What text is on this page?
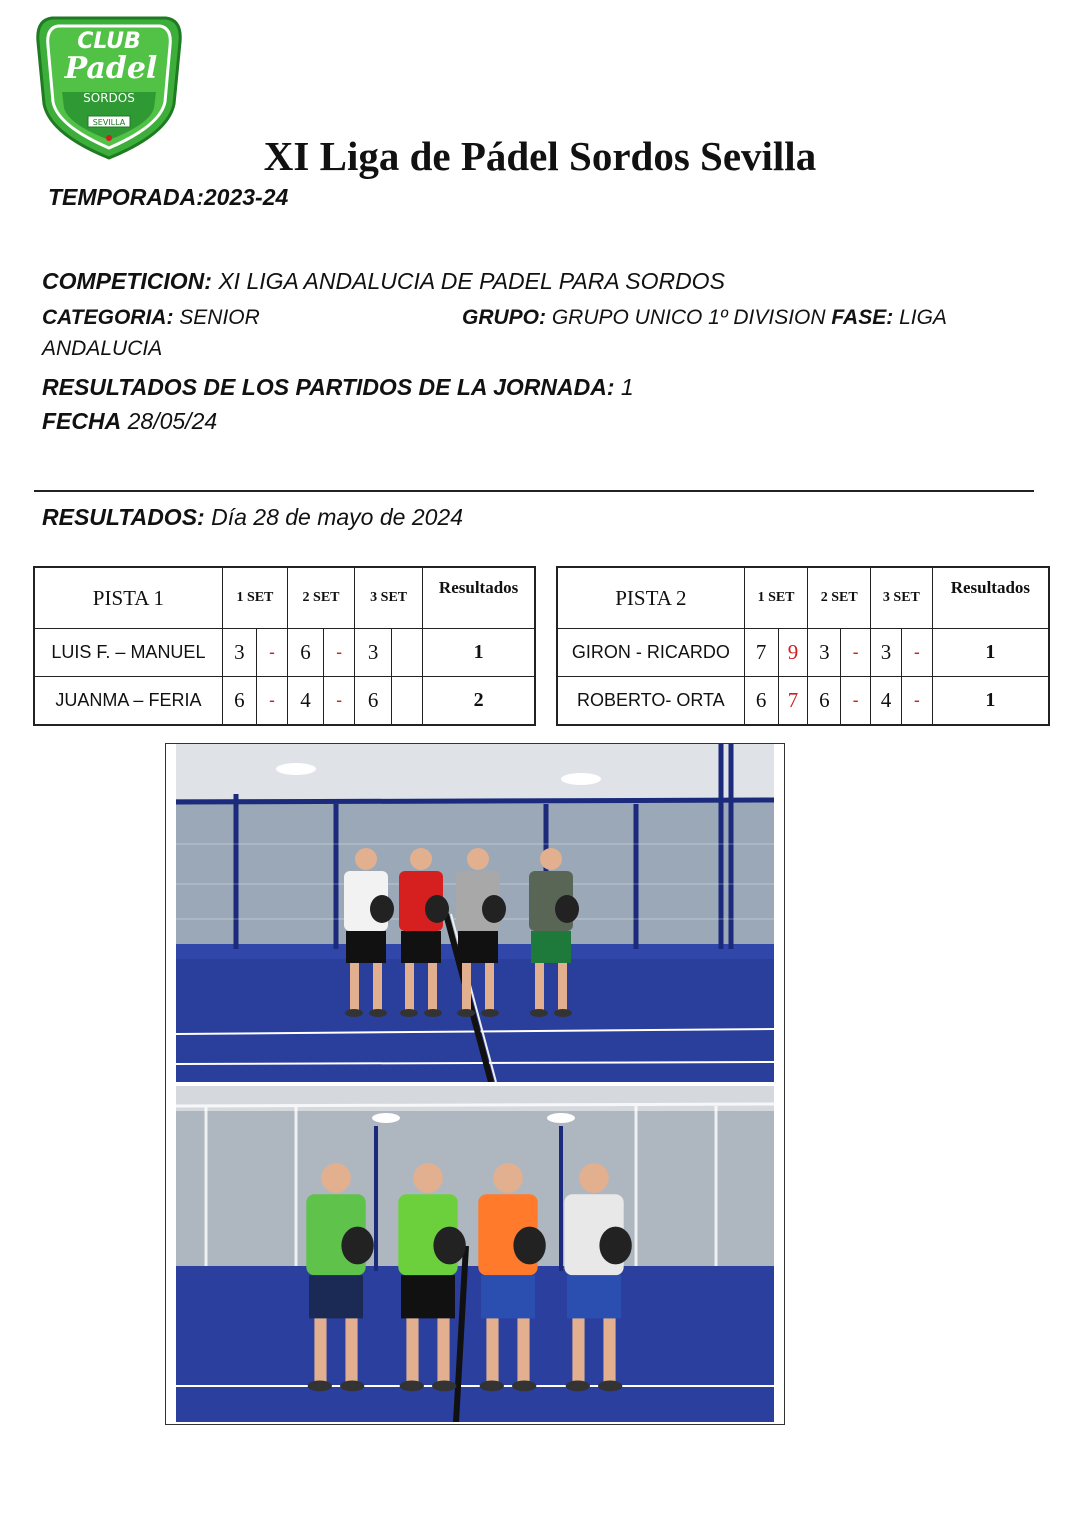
CLUB
Padel
SORDOS
SEVILLA
XI Liga de Pádel Sordos Sevilla
TEMPORADA:2023-24
COMPETICION: XI LIGA ANDALUCIA DE PADEL PARA SORDOS
CATEGORIA: SENIOR	GRUPO: GRUPO UNICO 1º DIVISION FASE: LIGA
ANDALUCIA
RESULTADOS DE LOS PARTIDOS DE LA JORNADA: 1
FECHA 28/05/24
RESULTADOS: Día 28 de mayo de 2024
PISTA 1	1 SET		2 SET		3 SET		Resultados
LUIS F. – MANUEL	3	-	6	-	3		1
JUANMA – FERIA	6	-	4	-	6		2
PISTA 2	1 SET		2 SET		3 SET		Resultados
GIRON - RICARDO	7	9	3	-	3	-	1
ROBERTO- ORTA	6	7	6	-	4	-	1
